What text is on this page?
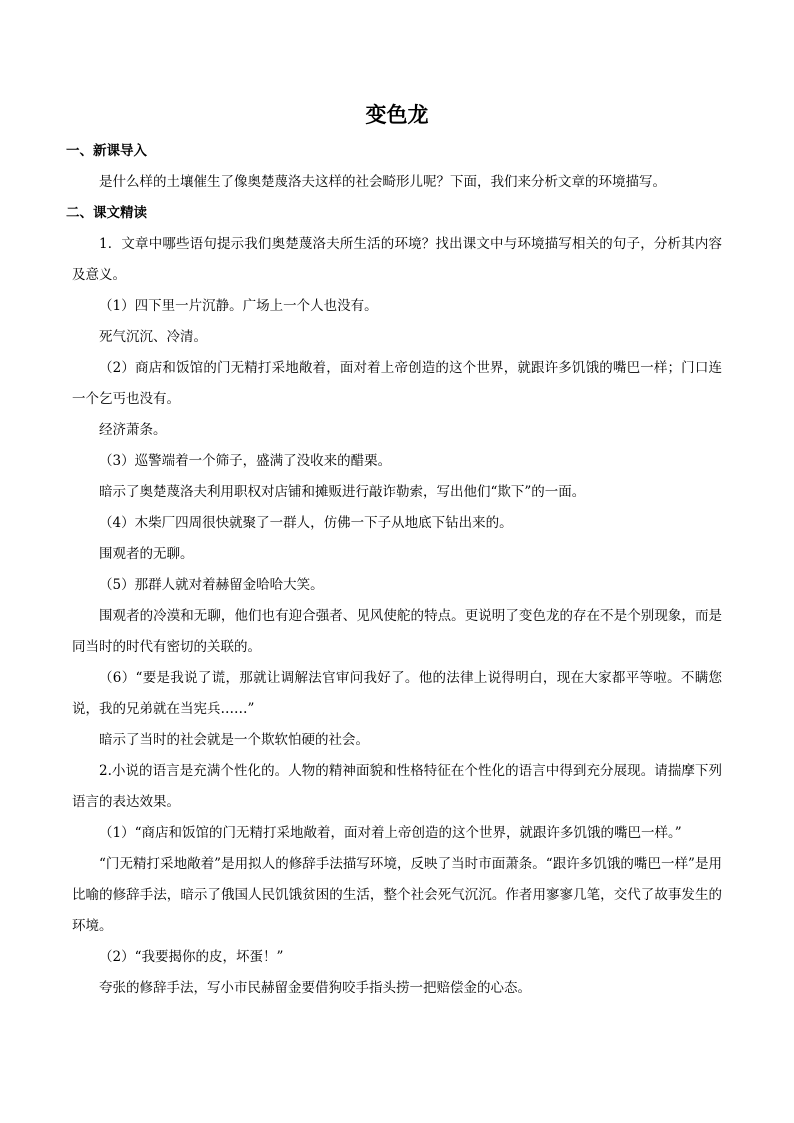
变色龙
一、新课导入

是什么样的土壤催生了像奥楚蔑洛夫这样的社会畸形儿呢？下面，我们来分析文章的环境描写。

二、课文精读

1．文章中哪些语句提示我们奥楚蔑洛夫所生活的环境？找出课文中与环境描写相关的句子，分析其内容及意义。

（1）四下里一片沉静。广场上一个人也没有。

死气沉沉、冷清。

（2）商店和饭馆的门无精打采地敞着，面对着上帝创造的这个世界，就跟许多饥饿的嘴巴一样；门口连一个乞丐也没有。

经济萧条。

（3）巡警端着一个筛子，盛满了没收来的醋栗。

暗示了奥楚蔑洛夫利用职权对店铺和摊贩进行敲诈勒索，写出他们“欺下”的一面。

（4）木柴厂四周很快就聚了一群人，仿佛一下子从地底下钻出来的。

围观者的无聊。

（5）那群人就对着赫留金哈哈大笑。

围观者的冷漠和无聊，他们也有迎合强者、见风使舵的特点。更说明了变色龙的存在不是个别现象，而是同当时的时代有密切的关联的。

（6）“要是我说了谎，那就让调解法官审问我好了。他的法律上说得明白，现在大家都平等啦。不瞒您说，我的兄弟就在当宪兵……”

暗示了当时的社会就是一个欺软怕硬的社会。

2.小说的语言是充满个性化的。人物的精神面貌和性格特征在个性化的语言中得到充分展现。请揣摩下列语言的表达效果。

（1）“商店和饭馆的门无精打采地敞着，面对着上帝创造的这个世界，就跟许多饥饿的嘴巴一样。”

“门无精打采地敞着”是用拟人的修辞手法描写环境，反映了当时市面萧条。“跟许多饥饿的嘴巴一样”是用比喻的修辞手法，暗示了俄国人民饥饿贫困的生活，整个社会死气沉沉。作者用寥寥几笔，交代了故事发生的环境。

（2）“我要揭你的皮，坏蛋！”

夸张的修辞手法，写小市民赫留金要借狗咬手指头捞一把赔偿金的心态。
